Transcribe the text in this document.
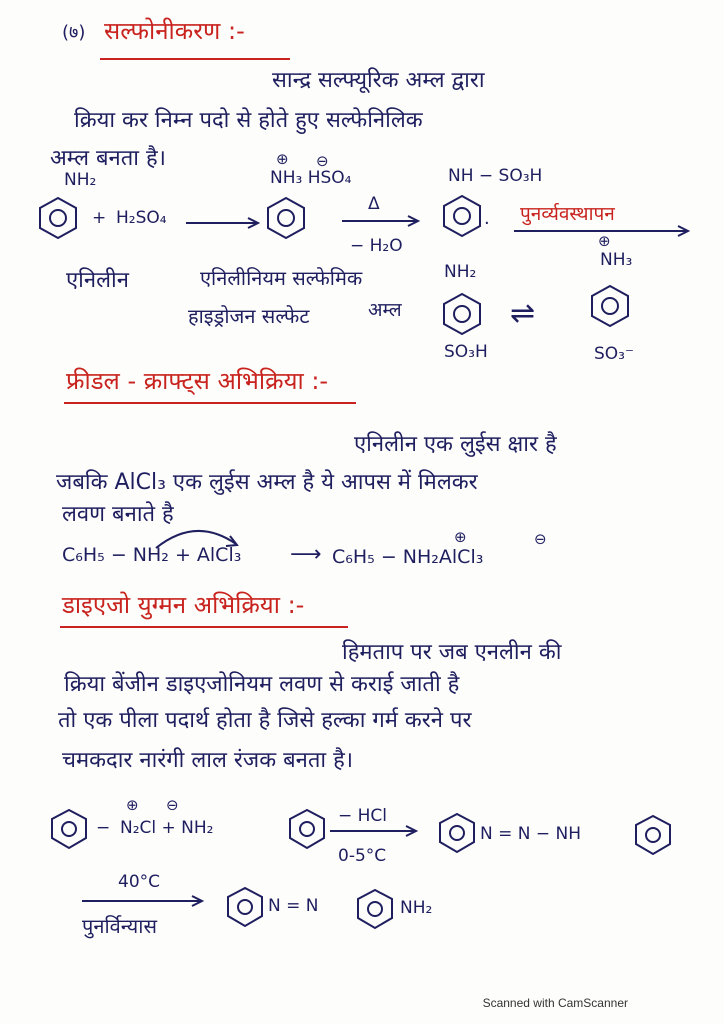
(७) सल्फोनीकरण :-
सान्द्र सल्फ्यूरिक अम्ल द्वारा
क्रिया कर निम्न पदो से होते हुए सल्फेनिलिक
अम्ल बनता है।
NH₂
+ H₂SO₄
⊕ ⊖
NH₃ HSO₄
Δ
− H₂O
NH − SO₃H
. पुनर्व्यवस्थापन
एनिलीन	एनिलीनियम सल्फेमिक
हाइड्रोजन सल्फेट	अम्ल
NH₂
SO₃H
⇌
⊕
NH₃
SO₃⁻
फ्रीडल - क्राफ्ट्स अभिक्रिया :-
एनिलीन एक लुईस क्षार है
जबकि AlCl₃ एक लुईस अम्ल है ये आपस में मिलकर
लवण बनाते है
C₆H₅ − NH₂ + AlCl₃ ⟶
⊕	⊖
C₆H₅ − NH₂AlCl₃
डाइएजो युग्मन अभिक्रिया :-
हिमताप पर जब एनलीन की
क्रिया बेंजीन डाइएजोनियम लवण से कराई जाती है
तो एक पीला पदार्थ होता है जिसे हल्का गर्म करने पर
चमकदार नारंगी लाल रंजक बनता है।
−
⊕ ⊖
N₂Cl + NH₂
− HCl
0-5°C
N = N − NH
40°C
पुनर्विन्यास
N = N	NH₂
Scanned with CamScanner
